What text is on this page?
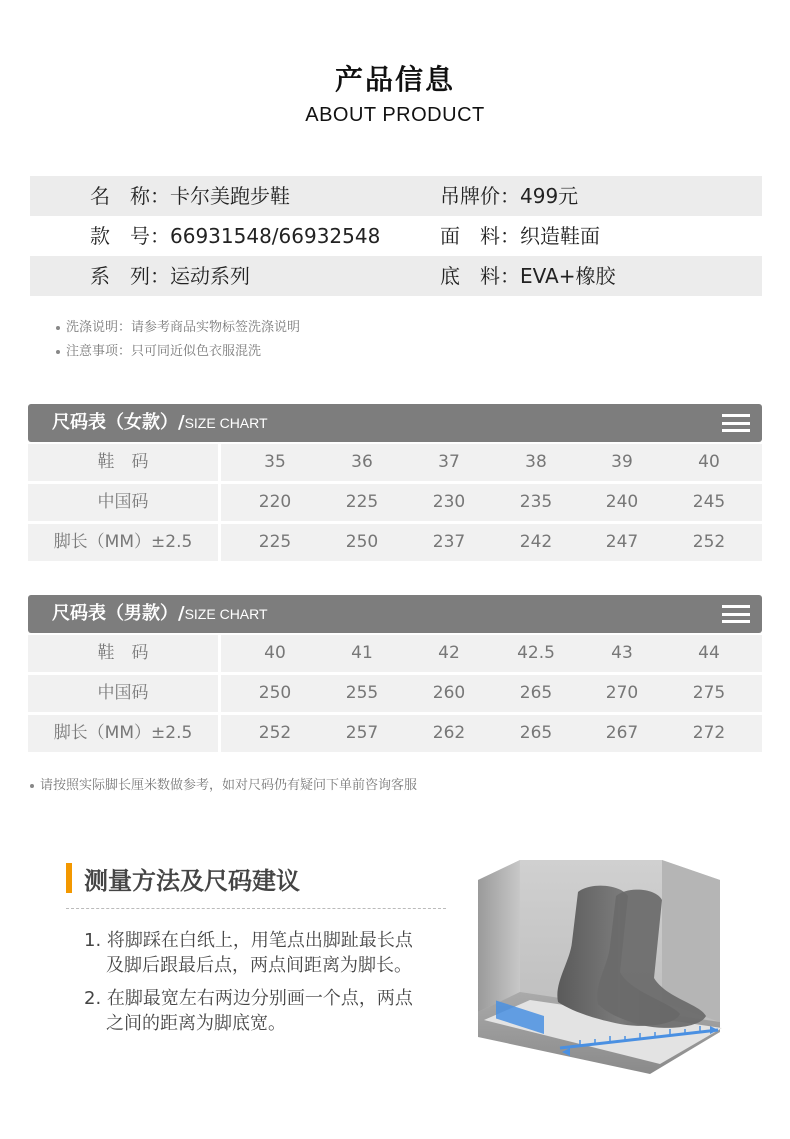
产品信息
ABOUT PRODUCT
名　称：卡尔美跑步鞋	吊牌价：499元
款　号：66931548/66932548	面　料：织造鞋面
系　列：运动系列	底　料：EVA+橡胶
洗涤说明：请参考商品实物标签洗涤说明
注意事项：只可同近似色衣服混洗
尺码表（女款）/SIZE CHART
鞋　码	35	36	37	38	39	40
中国码	220	225	230	235	240	245
脚长（MM）±2.5	225	250	237	242	247	252
尺码表（男款）/SIZE CHART
鞋　码	40	41	42	42.5	43	44
中国码	250	255	260	265	270	275
脚长（MM）±2.5	252	257	262	265	267	272
请按照实际脚长厘米数做参考，如对尺码仍有疑问下单前咨询客服
测量方法及尺码建议
1. 将脚踩在白纸上，用笔点出脚趾最长点
及脚后跟最后点，两点间距离为脚长。
2. 在脚最宽左右两边分别画一个点，两点
之间的距离为脚底宽。
